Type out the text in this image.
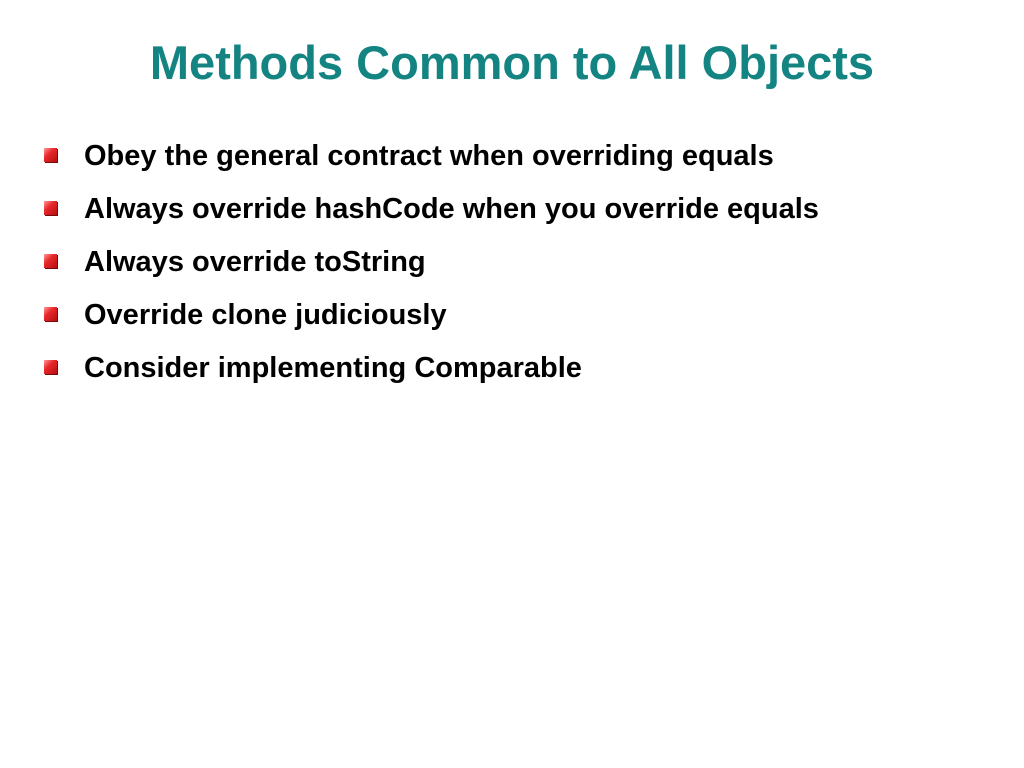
Methods Common to All Objects
Obey the general contract when overriding equals
Always override hashCode when you override equals
Always override toString
Override clone judiciously
Consider implementing Comparable
